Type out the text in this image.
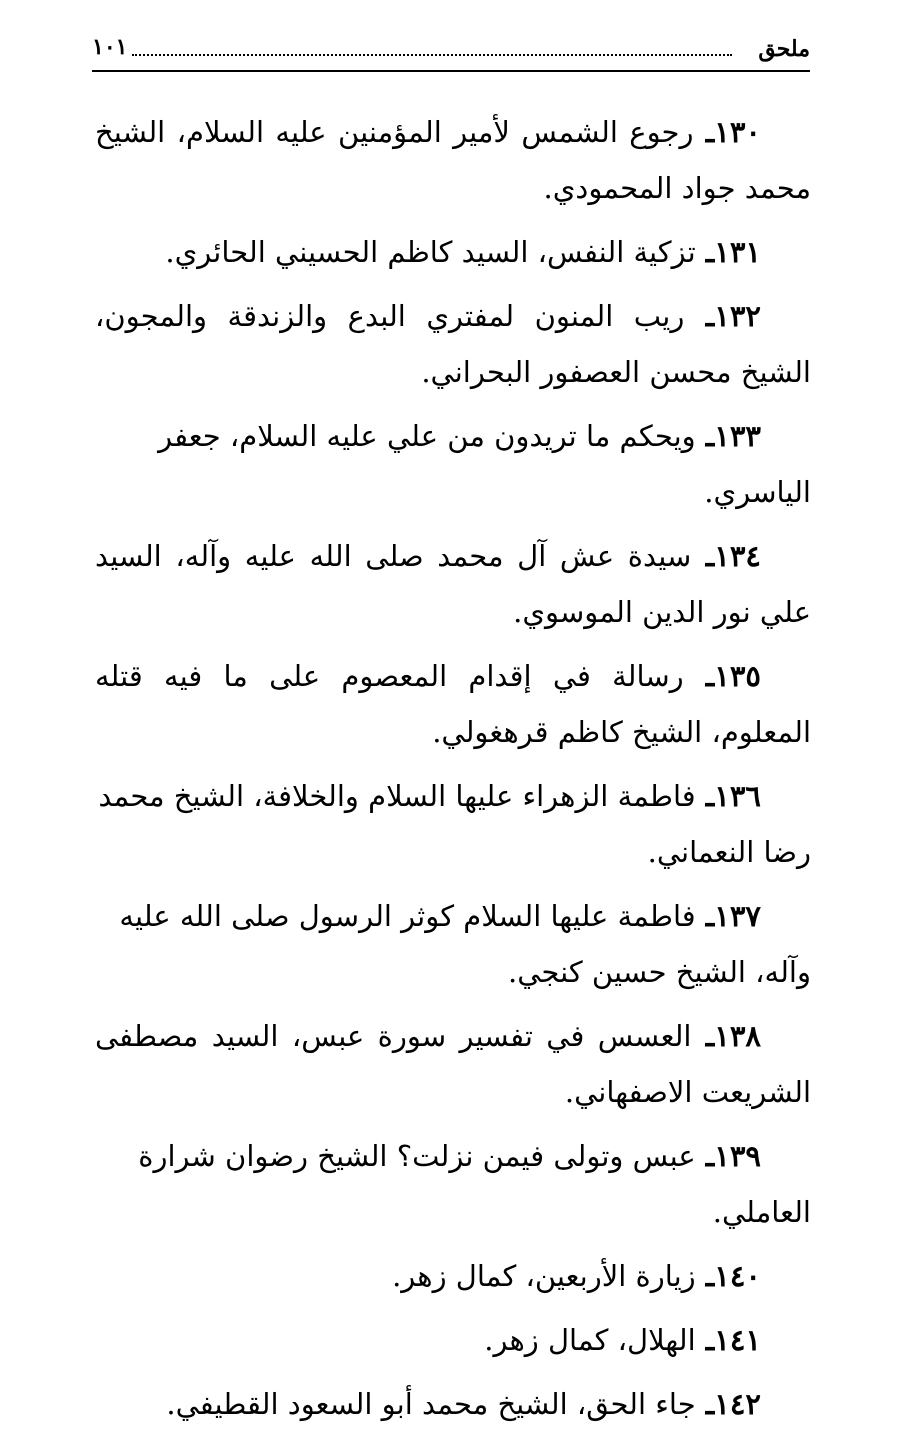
ملحق
١٠١

١٣٠ـ رجوع الشمس لأمير المؤمنين عليه السلام، الشيخ محمد جواد المحمودي.

١٣١ـ تزكية النفس، السيد كاظم الحسيني الحائري.

١٣٢ـ ريب المنون لمفتري البدع والزندقة والمجون، الشيخ محسن العصفور البحراني.

١٣٣ـ ويحكم ما تريدون من علي عليه السلام، جعفر الياسري.

١٣٤ـ سيدة عش آل محمد صلى الله عليه وآله، السيد علي نور الدين الموسوي.

١٣٥ـ رسالة في إقدام المعصوم على ما فيه قتله المعلوم، الشيخ كاظم قرهغولي.

١٣٦ـ فاطمة الزهراء عليها السلام والخلافة، الشيخ محمد رضا النعماني.

١٣٧ـ فاطمة عليها السلام كوثر الرسول صلى الله عليه وآله، الشيخ حسين كنجي.

١٣٨ـ العسس في تفسير سورة عبس، السيد مصطفى الشريعت الاصفهاني.

١٣٩ـ عبس وتولى فيمن نزلت؟ الشيخ رضوان شرارة العاملي.

١٤٠ـ زيارة الأربعين، كمال زهر.

١٤١ـ الهلال، كمال زهر.

١٤٢ـ جاء الحق، الشيخ محمد أبو السعود القطيفي.
